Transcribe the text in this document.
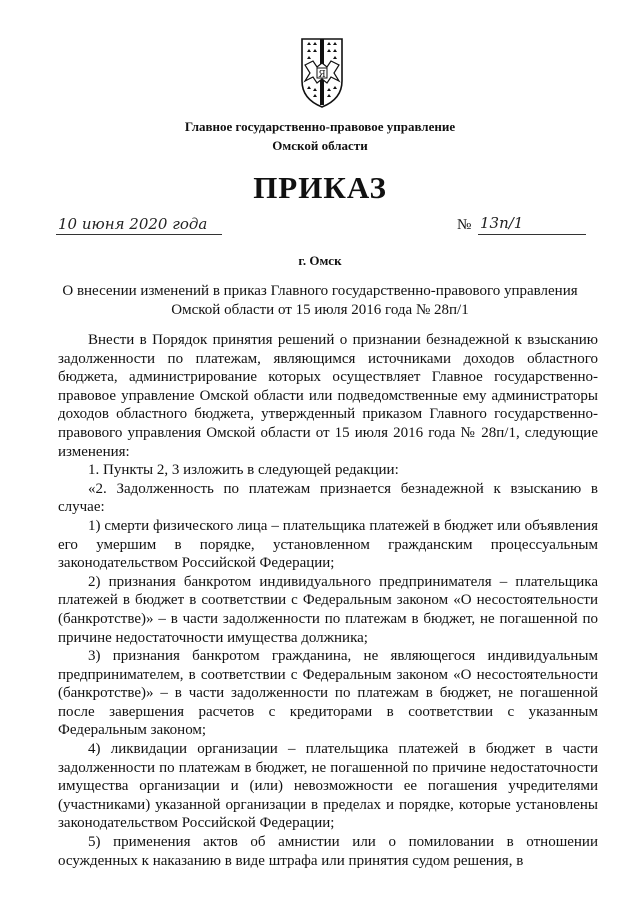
Я
Главное государственно-правовое управление
Омской области
ПРИКАЗ
10 июня 2020 года	№ 13п/1
г. Омск
О внесении изменений в приказ Главного государственно-правового управления
Омской области от 15 июля 2016 года № 28п/1

Внести в Порядок принятия решений о признании безнадежной к взысканию задолженности по платежам, являющимся источниками доходов областного бюджета, администрирование которых осуществляет Главное государственно-правовое управление Омской области или подведомственные ему администраторы доходов областного бюджета, утвержденный приказом Главного государственно-правового управления Омской области от 15 июля 2016 года № 28п/1, следующие изменения:

1. Пункты 2, 3 изложить в следующей редакции:

«2. Задолженность по платежам признается безнадежной к взысканию в случае:

1) смерти физического лица – плательщика платежей в бюджет или объявления его умершим в порядке, установленном гражданским процессуальным законодательством Российской Федерации;

2) признания банкротом индивидуального предпринимателя – плательщика платежей в бюджет в соответствии с Федеральным законом «О несостоятельности (банкротстве)» – в части задолженности по платежам в бюджет, не погашенной по причине недостаточности имущества должника;

3) признания банкротом гражданина, не являющегося индивидуальным предпринимателем, в соответствии с Федеральным законом «О несостоятельности (банкротстве)» – в части задолженности по платежам в бюджет, не погашенной после завершения расчетов с кредиторами в соответствии с указанным Федеральным законом;

4) ликвидации организации – плательщика платежей в бюджет в части задолженности по платежам в бюджет, не погашенной по причине недостаточности имущества организации и (или) невозможности ее погашения учредителями (участниками) указанной организации в пределах и порядке, которые установлены законодательством Российской Федерации;

5) применения актов об амнистии или о помиловании в отношении осужденных к наказанию в виде штрафа или принятия судом решения, в
